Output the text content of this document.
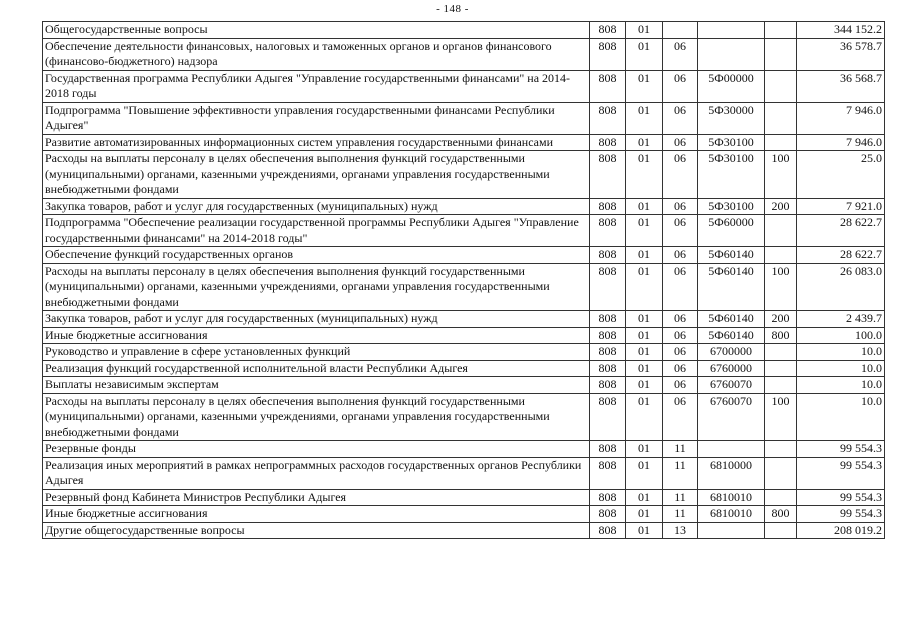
- 148 -
Общегосударственные вопросы	808	01				344 152.2
Обеспечение деятельности финансовых, налоговых и таможенных органов и органов финансового (финансово-бюджетного) надзора	808	01	06			36 578.7
Государственная программа Республики Адыгея "Управление государственными финансами" на 2014-2018 годы	808	01	06	5Ф00000		36 568.7
Подпрограмма "Повышение эффективности управления государственными финансами Республики Адыгея"	808	01	06	5Ф30000		7 946.0
Развитие автоматизированных информационных систем управления государственными финансами	808	01	06	5Ф30100		7 946.0
Расходы на выплаты персоналу в целях обеспечения выполнения функций государственными (муниципальными) органами, казенными учреждениями, органами управления государственными внебюджетными фондами	808	01	06	5Ф30100	100	25.0
Закупка товаров, работ и услуг для государственных (муниципальных) нужд	808	01	06	5Ф30100	200	7 921.0
Подпрограмма "Обеспечение реализации государственной программы Республики Адыгея "Управление государственными финансами" на 2014-2018 годы"	808	01	06	5Ф60000		28 622.7
Обеспечение функций государственных органов	808	01	06	5Ф60140		28 622.7
Расходы на выплаты персоналу в целях обеспечения выполнения функций государственными (муниципальными) органами, казенными учреждениями, органами управления государственными внебюджетными фондами	808	01	06	5Ф60140	100	26 083.0
Закупка товаров, работ и услуг для государственных (муниципальных) нужд	808	01	06	5Ф60140	200	2 439.7
Иные бюджетные ассигнования	808	01	06	5Ф60140	800	100.0
Руководство и управление в сфере установленных функций	808	01	06	6700000		10.0
Реализация функций государственной исполнительной власти Республики Адыгея	808	01	06	6760000		10.0
Выплаты независимым экспертам	808	01	06	6760070		10.0
Расходы на выплаты персоналу в целях обеспечения выполнения функций государственными (муниципальными) органами, казенными учреждениями, органами управления государственными внебюджетными фондами	808	01	06	6760070	100	10.0
Резервные фонды	808	01	11			99 554.3
Реализация иных мероприятий в рамках непрограммных расходов государственных органов Республики Адыгея	808	01	11	6810000		99 554.3
Резервный фонд Кабинета Министров Республики Адыгея	808	01	11	6810010		99 554.3
Иные бюджетные ассигнования	808	01	11	6810010	800	99 554.3
Другие общегосударственные вопросы	808	01	13			208 019.2
